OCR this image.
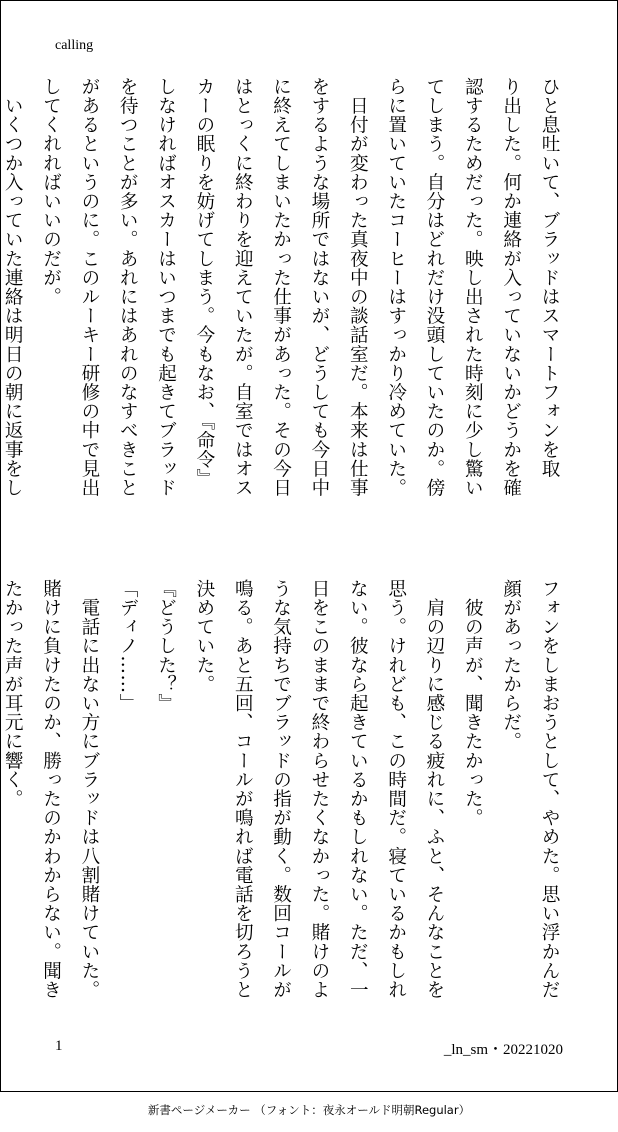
calling

ひと息吐いて、ブラッドはスマートフォンを取

り出した。何か連絡が入っていないかどうかを確

認するためだった。映し出された時刻に少し驚い

てしまう。自分はどれだけ没頭していたのか。傍

らに置いていたコーヒーはすっかり冷めていた。

　日付が変わった真夜中の談話室だ。本来は仕事

をするような場所ではないが、どうしても今日中

に終えてしまいたかった仕事があった。その今日

はとっくに終わりを迎えていたが。自室ではオス

カーの眠りを妨げてしまう。今もなお、『命令』

しなければオスカーはいつまでも起きてブラッド

を待つことが多い。あれにはあれのなすべきこと

があるというのに。このルーキー研修の中で見出

してくれればいいのだが。

　いくつか入っていた連絡は明日の朝に返事をし

フォンをしまおうとして、やめた。思い浮かんだ

顔があったからだ。

　彼の声が、聞きたかった。

　肩の辺りに感じる疲れに、ふと、そんなことを

思う。けれども、この時間だ。寝ているかもしれ

ない。彼なら起きているかもしれない。ただ、一

日をこのままで終わらせたくなかった。賭けのよ

うな気持ちでブラッドの指が動く。数回コールが

鳴る。あと五回、コールが鳴れば電話を切ろうと

決めていた。

『どうした？』

「ディノ……」

　電話に出ない方にブラッドは八割賭けていた。

賭けに負けたのか、勝ったのかわからない。聞き

たかった声が耳元に響く。

1	_ln_sm・20221020
新書ページメーカー （フォント：夜永オールド明朝Regular）
